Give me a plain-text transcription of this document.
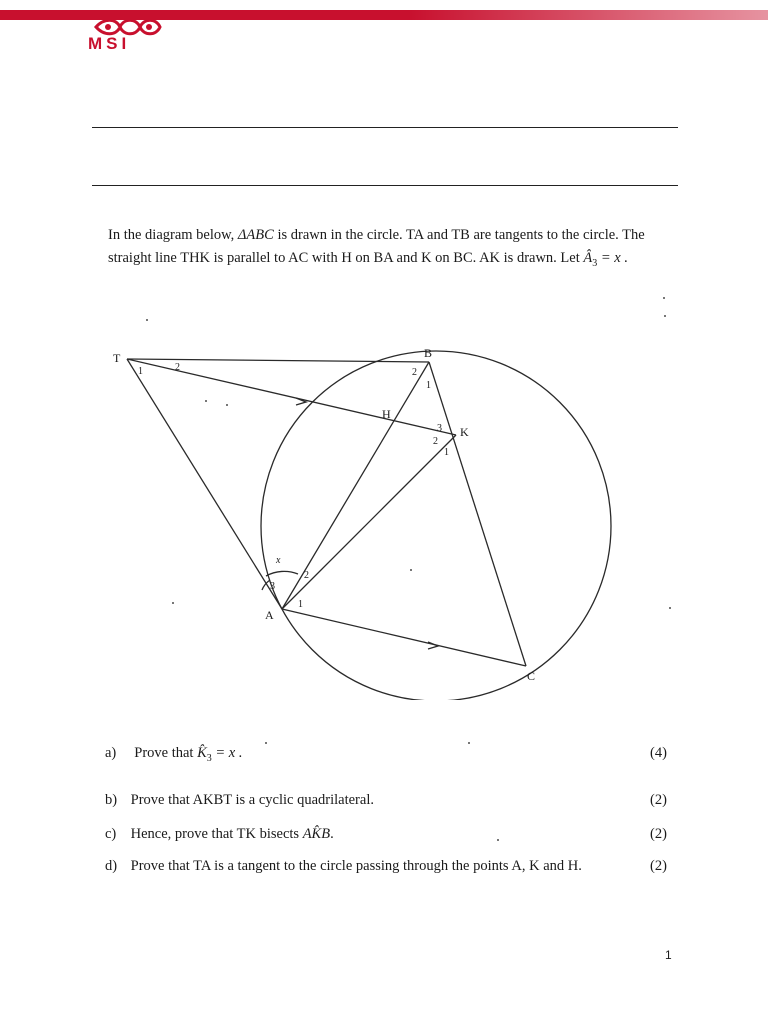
MSI
In the diagram below, ΔABC is drawn in the circle. TA and TB are tangents to the circle. The
straight line THK is parallel to AC with H on BA and K on BC. AK is drawn. Let $Â_3 = x$ .
T	B
H
K
A
C
1	2	2
1
3
2
1
2
3
1
x
a) Prove that $K̂_3 = x$ .	(4)
b) Prove that AKBT is a cyclic quadrilateral.	(2)
c) Hence, prove that TK bisects AK̂B.	(2)
d) Prove that TA is a tangent to the circle passing through the points A, K and H.	(2)
1
